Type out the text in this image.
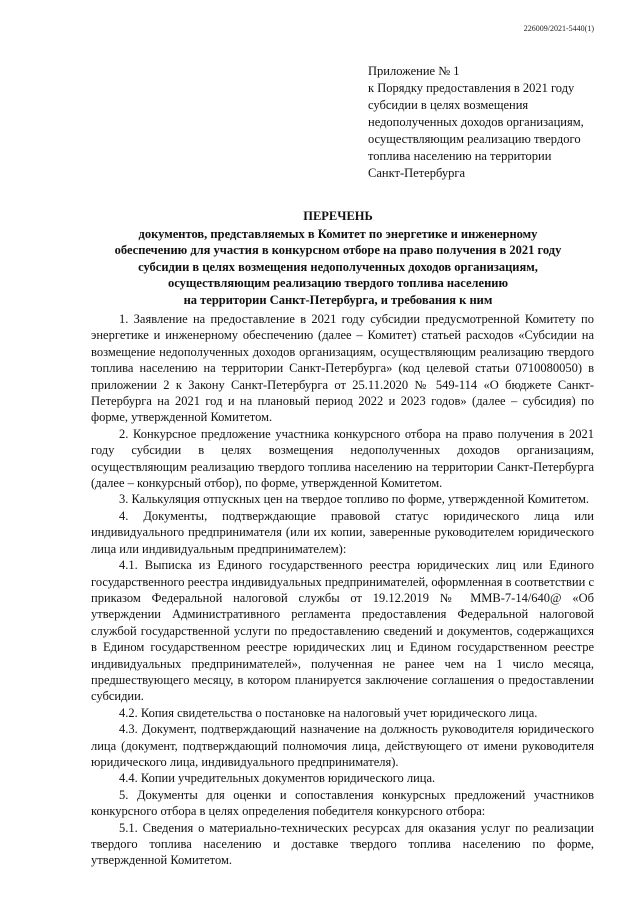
226009/2021-5440(1)
Приложение № 1
к Порядку предоставления в 2021 году
субсидии в целях возмещения
недополученных доходов организациям,
осуществляющим реализацию твердого
топлива населению на территории
Санкт-Петербурга
ПЕРЕЧЕНЬ
документов, представляемых в Комитет по энергетике и инженерному
обеспечению для участия в конкурсном отборе на право получения в 2021 году
субсидии в целях возмещения недополученных доходов организациям,
осуществляющим реализацию твердого топлива населению
на территории Санкт-Петербурга, и требования к ним

1. Заявление на предоставление в 2021 году субсидии предусмотренной Комитету по энергетике и инженерному обеспечению (далее – Комитет) статьей расходов «Субсидии на возмещение недополученных доходов организациям, осуществляющим реализацию твердого топлива населению на территории Санкт-Петербурга» (код целевой статьи 0710080050) в приложении 2 к Закону Санкт-Петербурга от 25.11.2020 № 549-114 «О бюджете Санкт-Петербурга на 2021 год и на плановый период 2022 и 2023 годов» (далее – субсидия) по форме, утвержденной Комитетом.

2. Конкурсное предложение участника конкурсного отбора на право получения в 2021 году субсидии в целях возмещения недополученных доходов организациям, осуществляющим реализацию твердого топлива населению на территории Санкт-Петербурга (далее – конкурсный отбор), по форме, утвержденной Комитетом.

3. Калькуляция отпускных цен на твердое топливо по форме, утвержденной Комитетом.

4. Документы, подтверждающие правовой статус юридического лица или индивидуального предпринимателя (или их копии, заверенные руководителем юридического лица или индивидуальным предпринимателем):

4.1. Выписка из Единого государственного реестра юридических лиц или Единого государственного реестра индивидуальных предпринимателей, оформленная в соответствии с приказом Федеральной налоговой службы от 19.12.2019 № ММВ-7-14/640@ «Об утверждении Административного регламента предоставления Федеральной налоговой службой государственной услуги по предоставлению сведений и документов, содержащихся в Едином государственном реестре юридических лиц и Едином государственном реестре индивидуальных предпринимателей», полученная не ранее чем на 1 число месяца, предшествующего месяцу, в котором планируется заключение соглашения о предоставлении субсидии.

4.2. Копия свидетельства о постановке на налоговый учет юридического лица.

4.3. Документ, подтверждающий назначение на должность руководителя юридического лица (документ, подтверждающий полномочия лица, действующего от имени руководителя юридического лица, индивидуального предпринимателя).

4.4. Копии учредительных документов юридического лица.

5. Документы для оценки и сопоставления конкурсных предложений участников конкурсного отбора в целях определения победителя конкурсного отбора:

5.1. Сведения о материально-технических ресурсах для оказания услуг по реализации твердого топлива населению и доставке твердого топлива населению по форме, утвержденной Комитетом.
